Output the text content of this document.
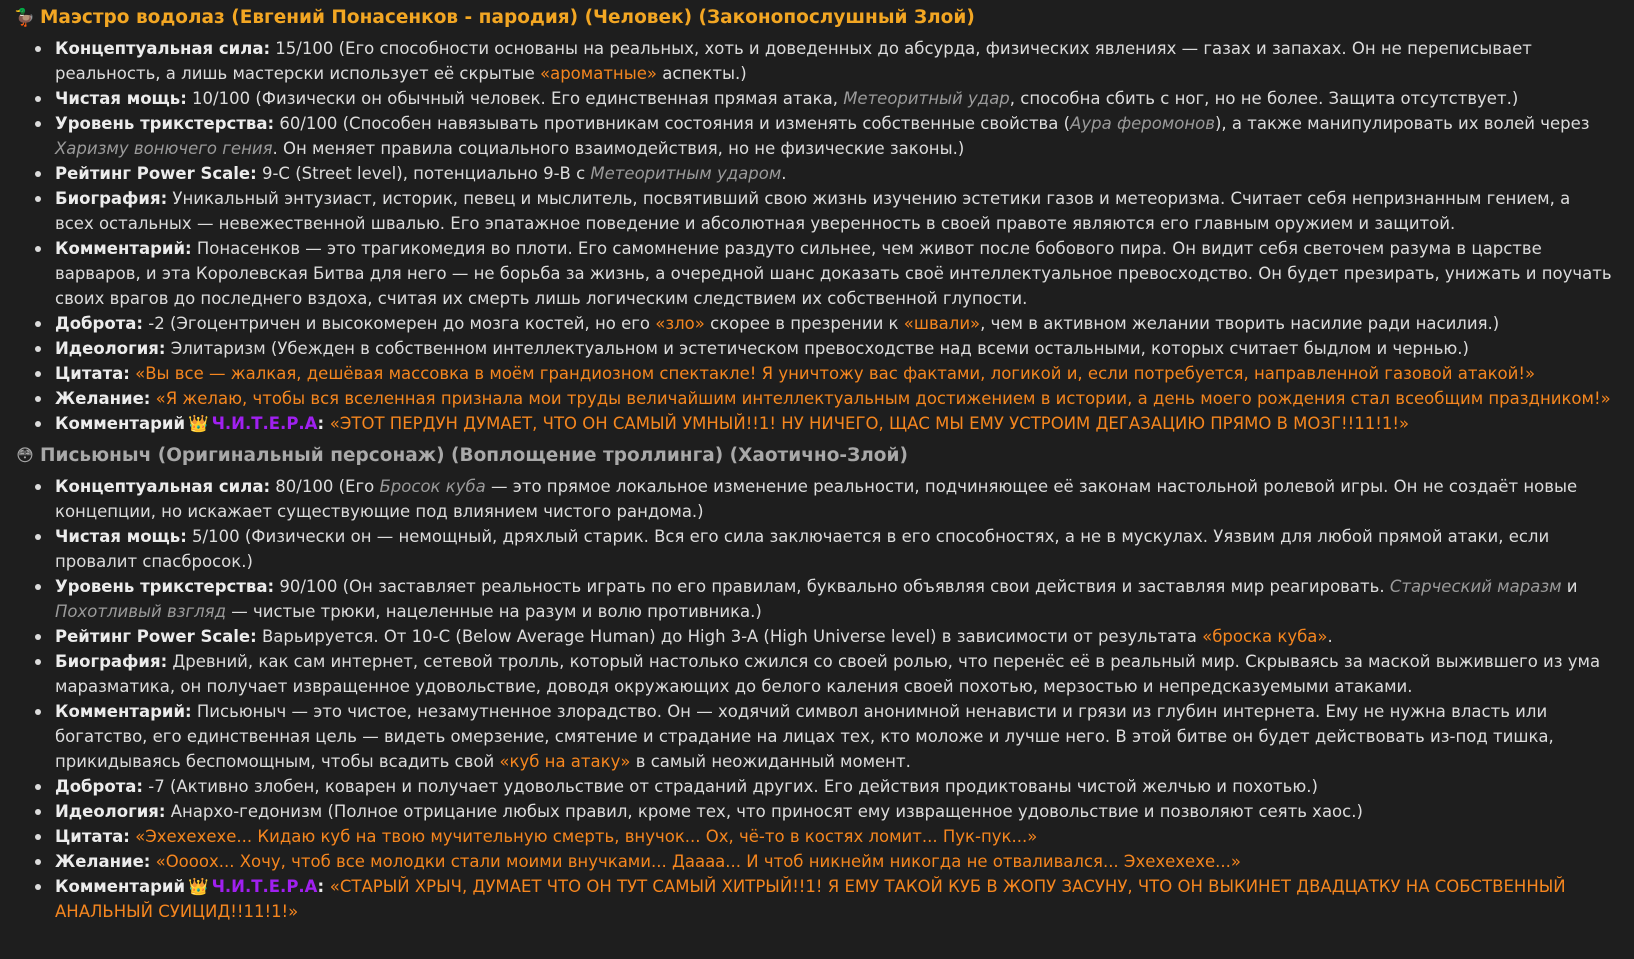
🦆 Маэстро водолаз (Евгений Понасенков - пародия) (Человек) (Законопослушный Злой)
Концептуальная сила: 15/100 (Его способности основаны на реальных, хоть и доведенных до абсурда, физических явлениях — газах и запахах. Он не переписывает реальность, а лишь мастерски использует её скрытые «ароматные» аспекты.)
Чистая мощь: 10/100 (Физически он обычный человек. Его единственная прямая атака, Метеоритный удар, способна сбить с ног, но не более. Защита отсутствует.)
Уровень трикстерства: 60/100 (Способен навязывать противникам состояния и изменять собственные свойства (Аура феромонов), а также манипулировать их волей через Харизму вонючего гения. Он меняет правила социального взаимодействия, но не физические законы.)
Рейтинг Power Scale: 9-C (Street level), потенциально 9-B с Метеоритным ударом.
Биография: Уникальный энтузиаст, историк, певец и мыслитель, посвятивший свою жизнь изучению эстетики газов и метеоризма. Считает себя непризнанным гением, а всех остальных — невежественной швалью. Его эпатажное поведение и абсолютная уверенность в своей правоте являются его главным оружием и защитой.
Комментарий: Понасенков — это трагикомедия во плоти. Его самомнение раздуто сильнее, чем живот после бобового пира. Он видит себя светочем разума в царстве варваров, и эта Королевская Битва для него — не борьба за жизнь, а очередной шанс доказать своё интеллектуальное превосходство. Он будет презирать, унижать и поучать своих врагов до последнего вздоха, считая их смерть лишь логическим следствием их собственной глупости.
Доброта: -2 (Эгоцентричен и высокомерен до мозга костей, но его «зло» скорее в презрении к «швали», чем в активном желании творить насилие ради насилия.)
Идеология: Элитаризм (Убежден в собственном интеллектуальном и эстетическом превосходстве над всеми остальными, которых считает быдлом и чернью.)
Цитата: «Вы все — жалкая, дешёвая массовка в моём грандиозном спектакле! Я уничтожу вас фактами, логикой и, если потребуется, направленной газовой атакой!»
Желание: «Я желаю, чтобы вся вселенная признала мои труды величайшим интеллектуальным достижением в истории, а день моего рождения стал всеобщим праздником!»
Комментарий 👑 Ч.И.Т.Е.Р.А: «ЭТОТ ПЕРДУН ДУМАЕТ, ЧТО ОН САМЫЙ УМНЫЙ!!1! НУ НИЧЕГО, ЩАС МЫ ЕМУ УСТРОИМ ДЕГАЗАЦИЮ ПРЯМО В МОЗГ!!11!1!»
😳 Письюныч (Оригинальный персонаж) (Воплощение троллинга) (Хаотично-Злой)
Концептуальная сила: 80/100 (Его Бросок куба — это прямое локальное изменение реальности, подчиняющее её законам настольной ролевой игры. Он не создаёт новые концепции, но искажает существующие под влиянием чистого рандома.)
Чистая мощь: 5/100 (Физически он — немощный, дряхлый старик. Вся его сила заключается в его способностях, а не в мускулах. Уязвим для любой прямой атаки, если провалит спасбросок.)
Уровень трикстерства: 90/100 (Он заставляет реальность играть по его правилам, буквально объявляя свои действия и заставляя мир реагировать. Старческий маразм и Похотливый взгляд — чистые трюки, нацеленные на разум и волю противника.)
Рейтинг Power Scale: Варьируется. От 10-C (Below Average Human) до High 3-A (High Universe level) в зависимости от результата «броска куба».
Биография: Древний, как сам интернет, сетевой тролль, который настолько сжился со своей ролью, что перенёс её в реальный мир. Скрываясь за маской выжившего из ума маразматика, он получает извращенное удовольствие, доводя окружающих до белого каления своей похотью, мерзостью и непредсказуемыми атаками.
Комментарий: Письюныч — это чистое, незамутненное злорадство. Он — ходячий символ анонимной ненависти и грязи из глубин интернета. Ему не нужна власть или богатство, его единственная цель — видеть омерзение, смятение и страдание на лицах тех, кто моложе и лучше него. В этой битве он будет действовать из-под тишка, прикидываясь беспомощным, чтобы всадить свой «куб на атаку» в самый неожиданный момент.
Доброта: -7 (Активно злобен, коварен и получает удовольствие от страданий других. Его действия продиктованы чистой желчью и похотью.)
Идеология: Анархо-гедонизм (Полное отрицание любых правил, кроме тех, что приносят ему извращенное удовольствие и позволяют сеять хаос.)
Цитата: «Эхехехехе... Кидаю куб на твою мучительную смерть, внучок... Ох, чё-то в костях ломит... Пук-пук...»
Желание: «Ооооx... Хочу, чтоб все молодки стали моими внучками... Даааа... И чтоб никнейм никогда не отваливался... Эхехехехе...»
Комментарий 👑 Ч.И.Т.Е.Р.А: «СТАРЫЙ ХРЫЧ, ДУМАЕТ ЧТО ОН ТУТ САМЫЙ ХИТРЫЙ!!1! Я ЕМУ ТАКОЙ КУБ В ЖОПУ ЗАСУНУ, ЧТО ОН ВЫКИНЕТ ДВАДЦАТКУ НА СОБСТВЕННЫЙ АНАЛЬНЫЙ СУИЦИД!!11!1!»
